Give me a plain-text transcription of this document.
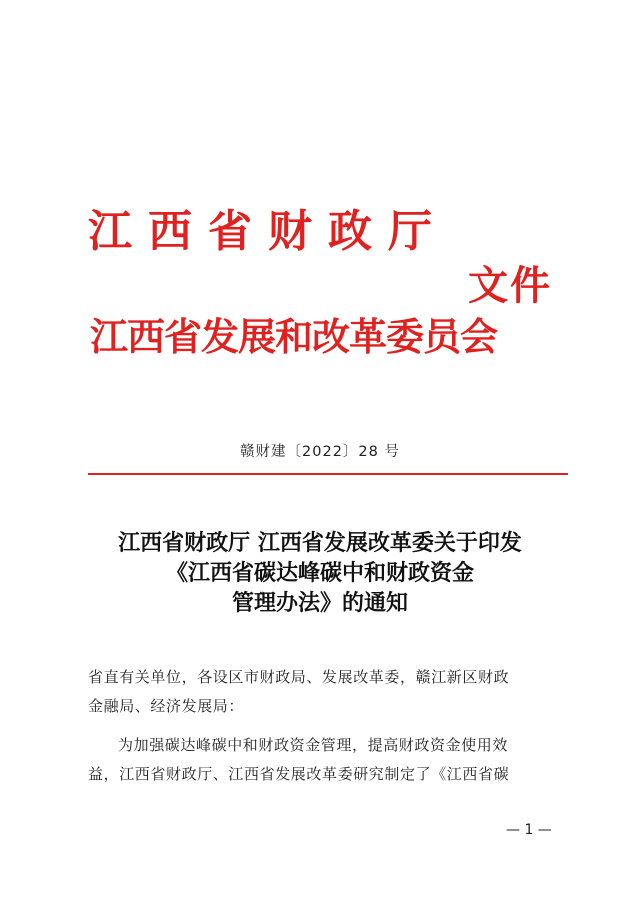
江西省财政厅
文件
江西省发展和改革委员会
赣财建〔2022〕28 号
江西省财政厅 江西省发展改革委关于印发
《江西省碳达峰碳中和财政资金
管理办法》的通知
省直有关单位，各设区市财政局、发展改革委，赣江新区财政
金融局、经济发展局：
为加强碳达峰碳中和财政资金管理，提高财政资金使用效
益，江西省财政厅、江西省发展改革委研究制定了《江西省碳
— 1 —
